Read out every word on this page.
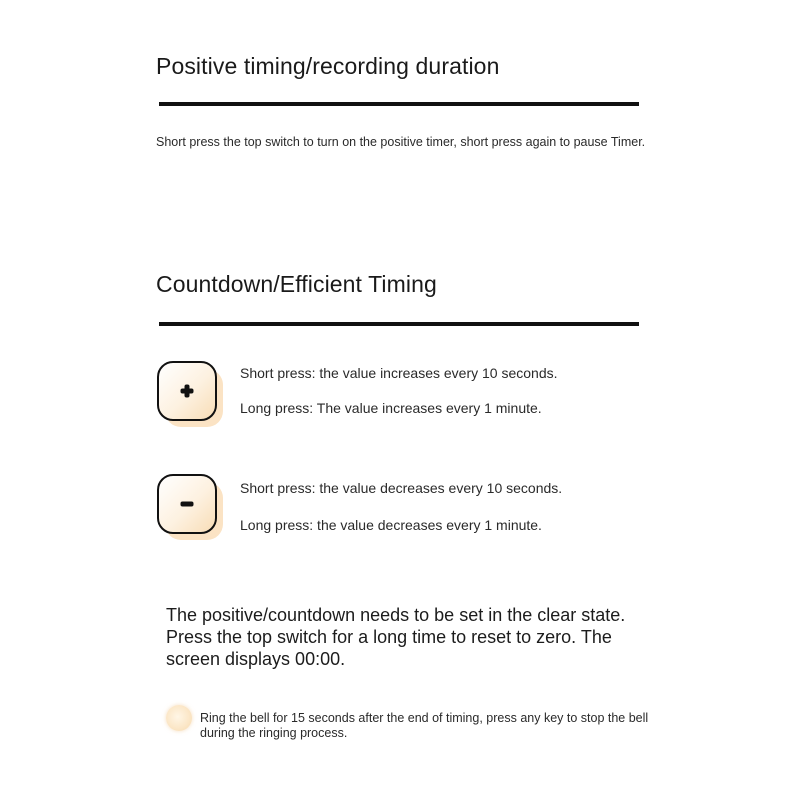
Positive timing/recording duration
Short press the top switch to turn on the positive timer, short press again to pause Timer.
Countdown/Efficient Timing
Short press: the value increases every 10 seconds.
Long press: The value increases every 1 minute.
Short press: the value decreases every 10 seconds.
Long press: the value decreases every 1 minute.
The positive/countdown needs to be set in the clear state. Press the top switch for a long time to reset to zero. The screen displays 00:00.
Ring the bell for 15 seconds after the end of timing, press any key to stop the bell during the ringing process.
